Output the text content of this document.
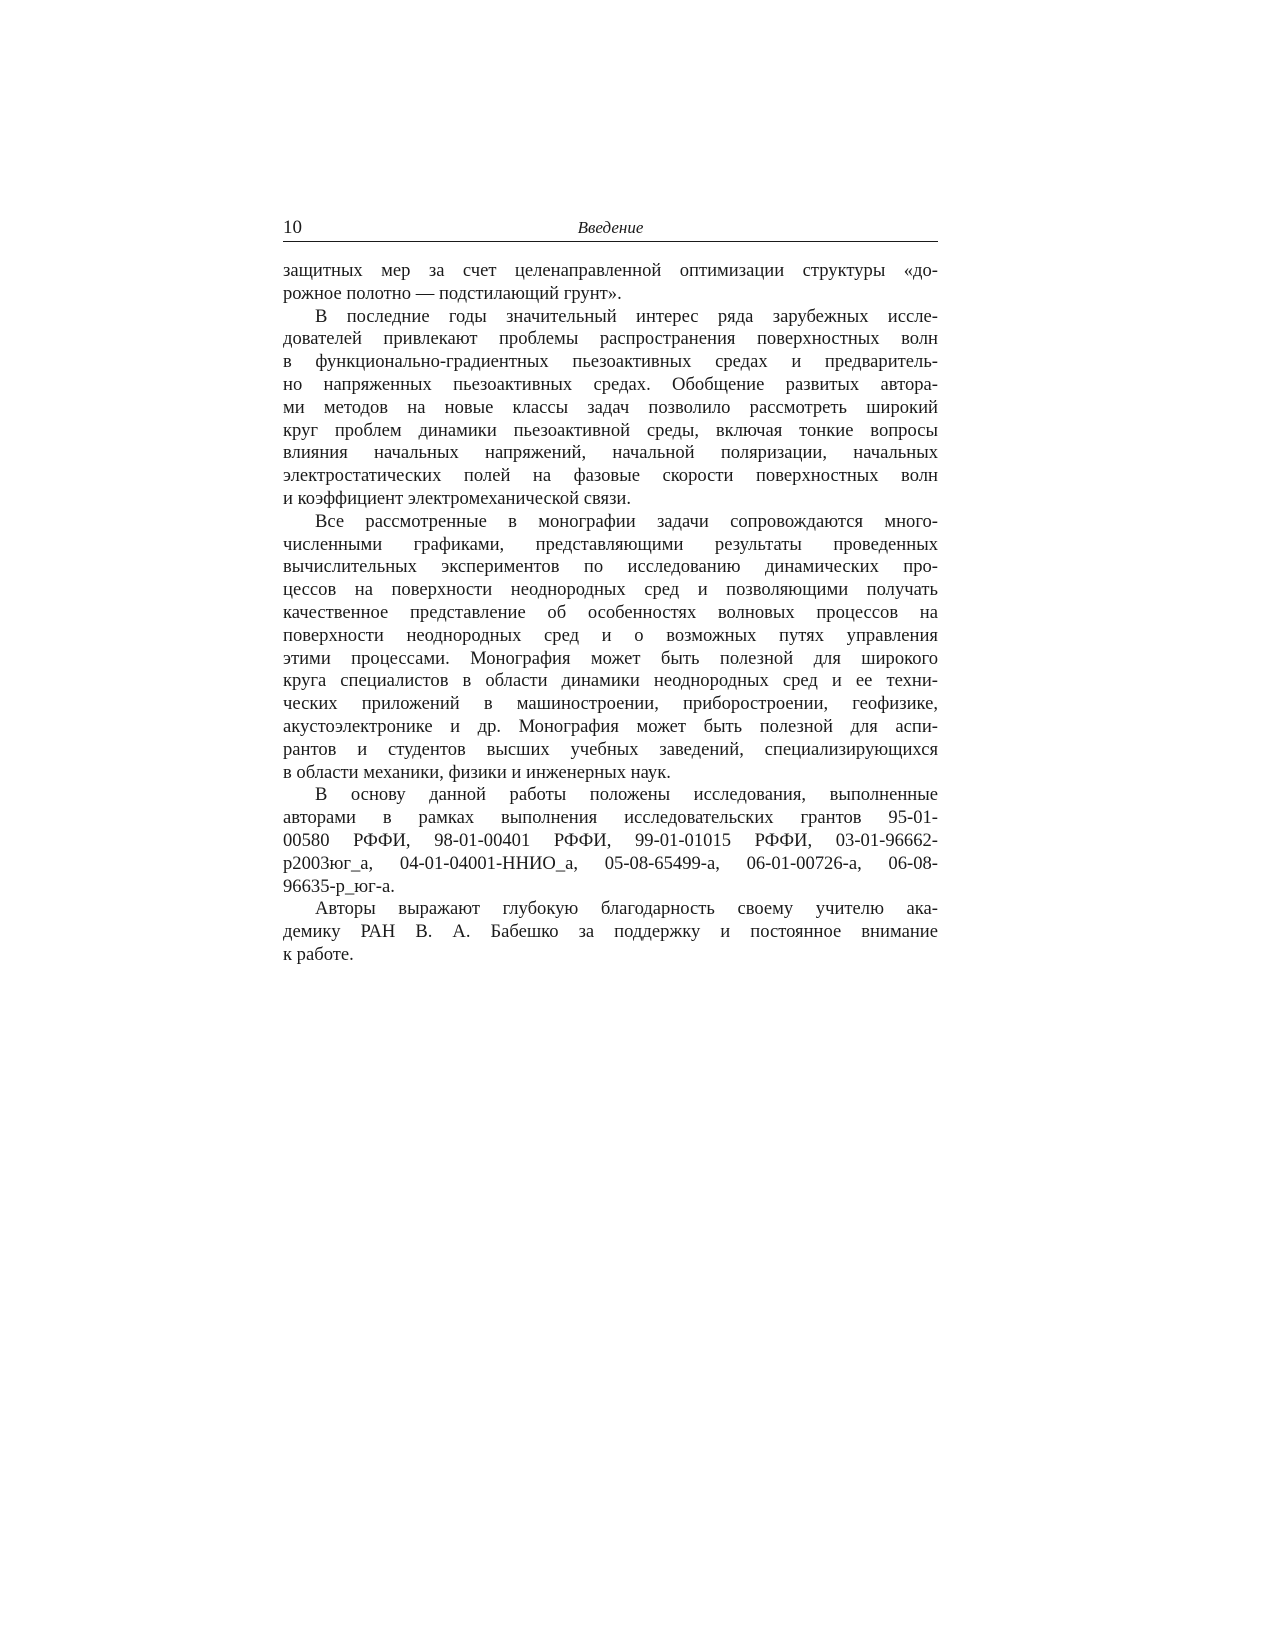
10	Введение
защитных мер за счет целенаправленной оптимизации структуры «до-
рожное полотно — подстилающий грунт».
В последние годы значительный интерес ряда зарубежных иссле-
дователей привлекают проблемы распространения поверхностных волн
в функционально-градиентных пьезоактивных средах и предваритель-
но напряженных пьезоактивных средах. Обобщение развитых автора-
ми методов на новые классы задач позволило рассмотреть широкий
круг проблем динамики пьезоактивной среды, включая тонкие вопросы
влияния начальных напряжений, начальной поляризации, начальных
электростатических полей на фазовые скорости поверхностных волн
и коэффициент электромеханической связи.
Все рассмотренные в монографии задачи сопровождаются много-
численными графиками, представляющими результаты проведенных
вычислительных экспериментов по исследованию динамических про-
цессов на поверхности неоднородных сред и позволяющими получать
качественное представление об особенностях волновых процессов на
поверхности неоднородных сред и о возможных путях управления
этими процессами. Монография может быть полезной для широкого
круга специалистов в области динамики неоднородных сред и ее техни-
ческих приложений в машиностроении, приборостроении, геофизике,
акустоэлектронике и др. Монография может быть полезной для аспи-
рантов и студентов высших учебных заведений, специализирующихся
в области механики, физики и инженерных наук.
В основу данной работы положены исследования, выполненные
авторами в рамках выполнения исследовательских грантов 95-01-
00580 РФФИ, 98-01-00401 РФФИ, 99-01-01015 РФФИ, 03-01-96662-
р2003юг_а, 04-01-04001-ННИО_а, 05-08-65499-а, 06-01-00726-а, 06-08-
96635-р_юг-а.
Авторы выражают глубокую благодарность своему учителю ака-
демику РАН В. А. Бабешко за поддержку и постоянное внимание
к работе.
